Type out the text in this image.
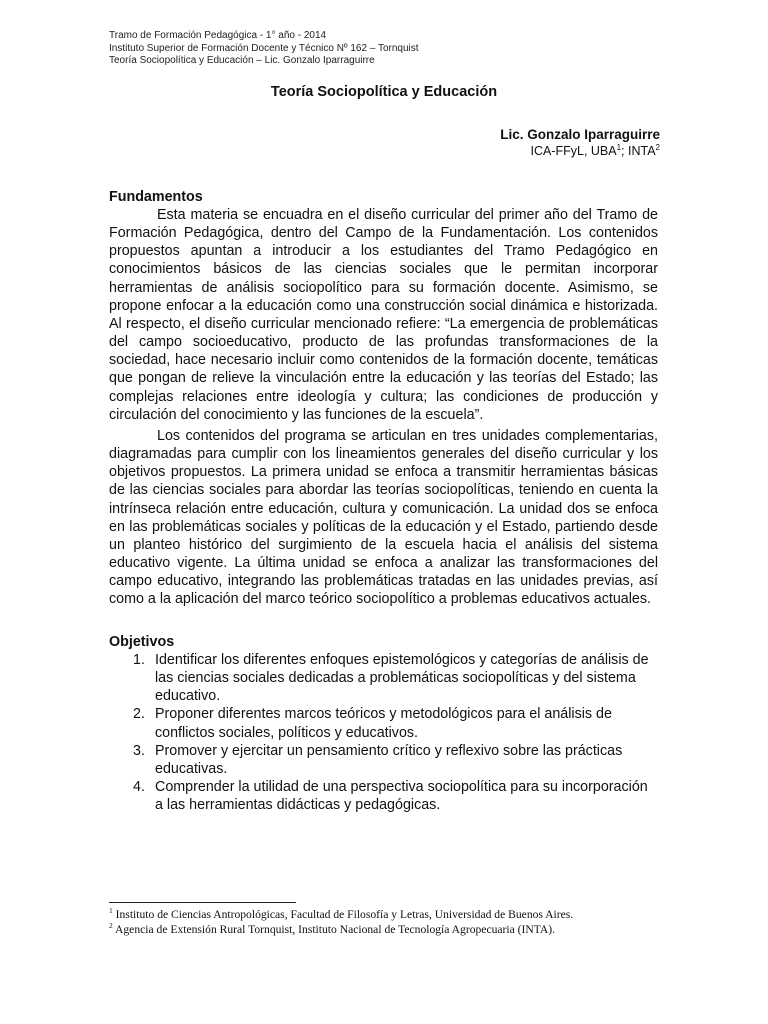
Tramo de Formación Pedagógica - 1° año - 2014
Instituto Superior de Formación Docente y Técnico Nº 162 – Tornquist
Teoría Sociopolítica y Educación – Lic. Gonzalo Iparraguirre
Teoría Sociopolítica y Educación
Lic. Gonzalo Iparraguirre
ICA-FFyL, UBA$^1$; INTA$^2$
Fundamentos

Esta materia se encuadra en el diseño curricular del primer año del Tramo de Formación Pedagógica, dentro del Campo de la Fundamentación. Los contenidos propuestos apuntan a introducir a los estudiantes del Tramo Pedagógico en conocimientos básicos de las ciencias sociales que le permitan incorporar herramientas de análisis sociopolítico para su formación docente. Asimismo, se propone enfocar a la educación como una construcción social dinámica e historizada. Al respecto, el diseño curricular mencionado refiere: “La emergencia de problemáticas del campo socioeducativo, producto de las profundas transformaciones de la sociedad, hace necesario incluir como contenidos de la formación docente, temáticas que pongan de relieve la vinculación entre la educación y las teorías del Estado; las complejas relaciones entre ideología y cultura; las condiciones de producción y circulación del conocimiento y las funciones de la escuela”.

Los contenidos del programa se articulan en tres unidades complementarias, diagramadas para cumplir con los lineamientos generales del diseño curricular y los objetivos propuestos. La primera unidad se enfoca a transmitir herramientas básicas de las ciencias sociales para abordar las teorías sociopolíticas, teniendo en cuenta la intrínseca relación entre educación, cultura y comunicación. La unidad dos se enfoca en las problemáticas sociales y políticas de la educación y el Estado, partiendo desde un planteo histórico del surgimiento de la escuela hacia el análisis del sistema educativo vigente. La última unidad se enfoca a analizar las transformaciones del campo educativo, integrando las problemáticas tratadas en las unidades previas, así como a la aplicación del marco teórico sociopolítico a problemas educativos actuales.

Objetivos
1. Identificar los diferentes enfoques epistemológicos y categorías de análisis de las ciencias sociales dedicadas a problemáticas sociopolíticas y del sistema educativo.
2. Proponer diferentes marcos teóricos y metodológicos para el análisis de conflictos sociales, políticos y educativos.
3. Promover y ejercitar un pensamiento crítico y reflexivo sobre las prácticas educativas.
4. Comprender la utilidad de una perspectiva sociopolítica para su incorporación a las herramientas didácticas y pedagógicas.
$^1$ Instituto de Ciencias Antropológicas, Facultad de Filosofía y Letras, Universidad de Buenos Aires.
$^2$ Agencia de Extensión Rural Tornquist, Instituto Nacional de Tecnología Agropecuaria (INTA).
